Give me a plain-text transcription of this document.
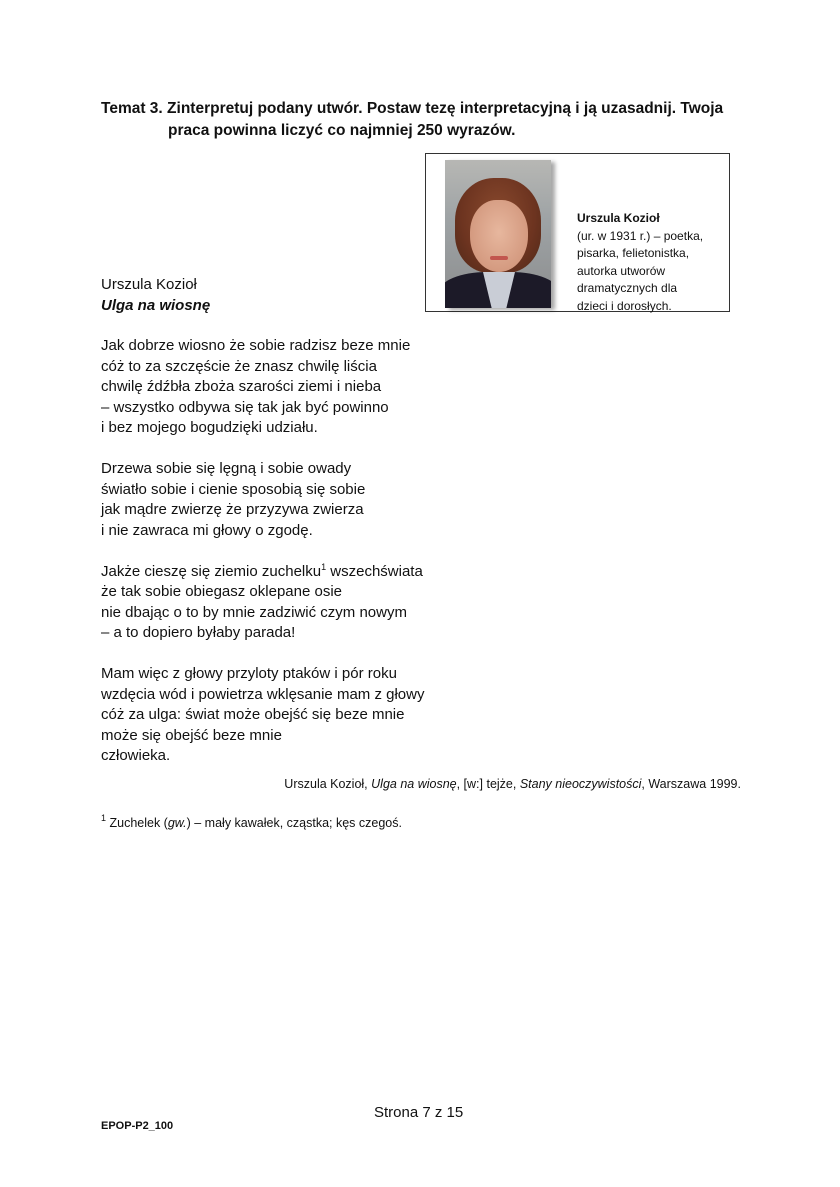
Temat 3. Zinterpretuj podany utwór. Postaw tezę interpretacyjną i ją uzasadnij. Twoja
praca powinna liczyć co najmniej 250 wyrazów.
Urszula Kozioł
(ur. w 1931 r.) – poetka,
pisarka, felietonistka,
autorka utworów
dramatycznych dla
dzieci i dorosłych.
Urszula Kozioł
Ulga na wiosnę
Jak dobrze wiosno że sobie radzisz beze mnie
cóż to za szczęście że znasz chwilę liścia
chwilę źdźbła zboża szarości ziemi i nieba
– wszystko odbywa się tak jak być powinno
i bez mojego bogudzięki udziału.
Drzewa sobie się lęgną i sobie owady
światło sobie i cienie sposobią się sobie
jak mądre zwierzę że przyzywa zwierza
i nie zawraca mi głowy o zgodę.
Jakże cieszę się ziemio zuchelku$^1$ wszechświata
że tak sobie obiegasz oklepane osie
nie dbając o to by mnie zadziwić czym nowym
– a to dopiero byłaby parada!
Mam więc z głowy przyloty ptaków i pór roku
wzdęcia wód i powietrza wklęsanie mam z głowy
cóż za ulga: świat może obejść się beze mnie
może się obejść beze mnie
człowieka.
Urszula Kozioł, Ulga na wiosnę, [w:] tejże, Stany nieoczywistości, Warszawa 1999.
$^1$ Zuchelek (gw.) – mały kawałek, cząstka; kęs czegoś.
Strona 7 z 15
EPOP-P2_100
